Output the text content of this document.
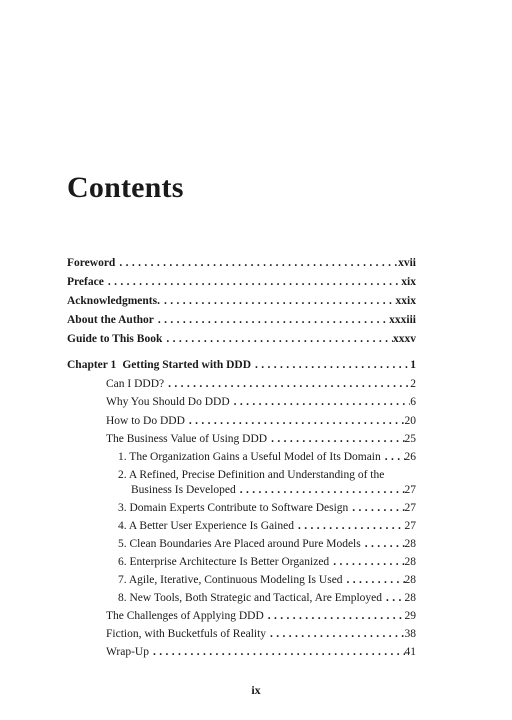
Contents
Foreword . . .	xvii
Preface . . .	xix
Acknowledgments. . . .	xxix
About the Author . . .	xxxiii
Guide to This Book . . .	xxxv
Chapter 1 Getting Started with DDD . . .	1
Can I DDD? . . .	2
Why You Should Do DDD . . .	6
How to Do DDD . . .	20
The Business Value of Using DDD . . .	25
1. The Organization Gains a Useful Model of Its Domain . . . 26
2. A Refined, Precise Definition and Understanding of the
Business Is Developed . . .	27
3. Domain Experts Contribute to Software Design . . .	27
4. A Better User Experience Is Gained . . .	27
5. Clean Boundaries Are Placed around Pure Models . . .	28
6. Enterprise Architecture Is Better Organized . . .	28
7. Agile, Iterative, Continuous Modeling Is Used . . .	28
8. New Tools, Both Strategic and Tactical, Are Employed . . . 28
The Challenges of Applying DDD . . .	29
Fiction, with Bucketfuls of Reality . . .	38
Wrap-Up . . .	41
ix
